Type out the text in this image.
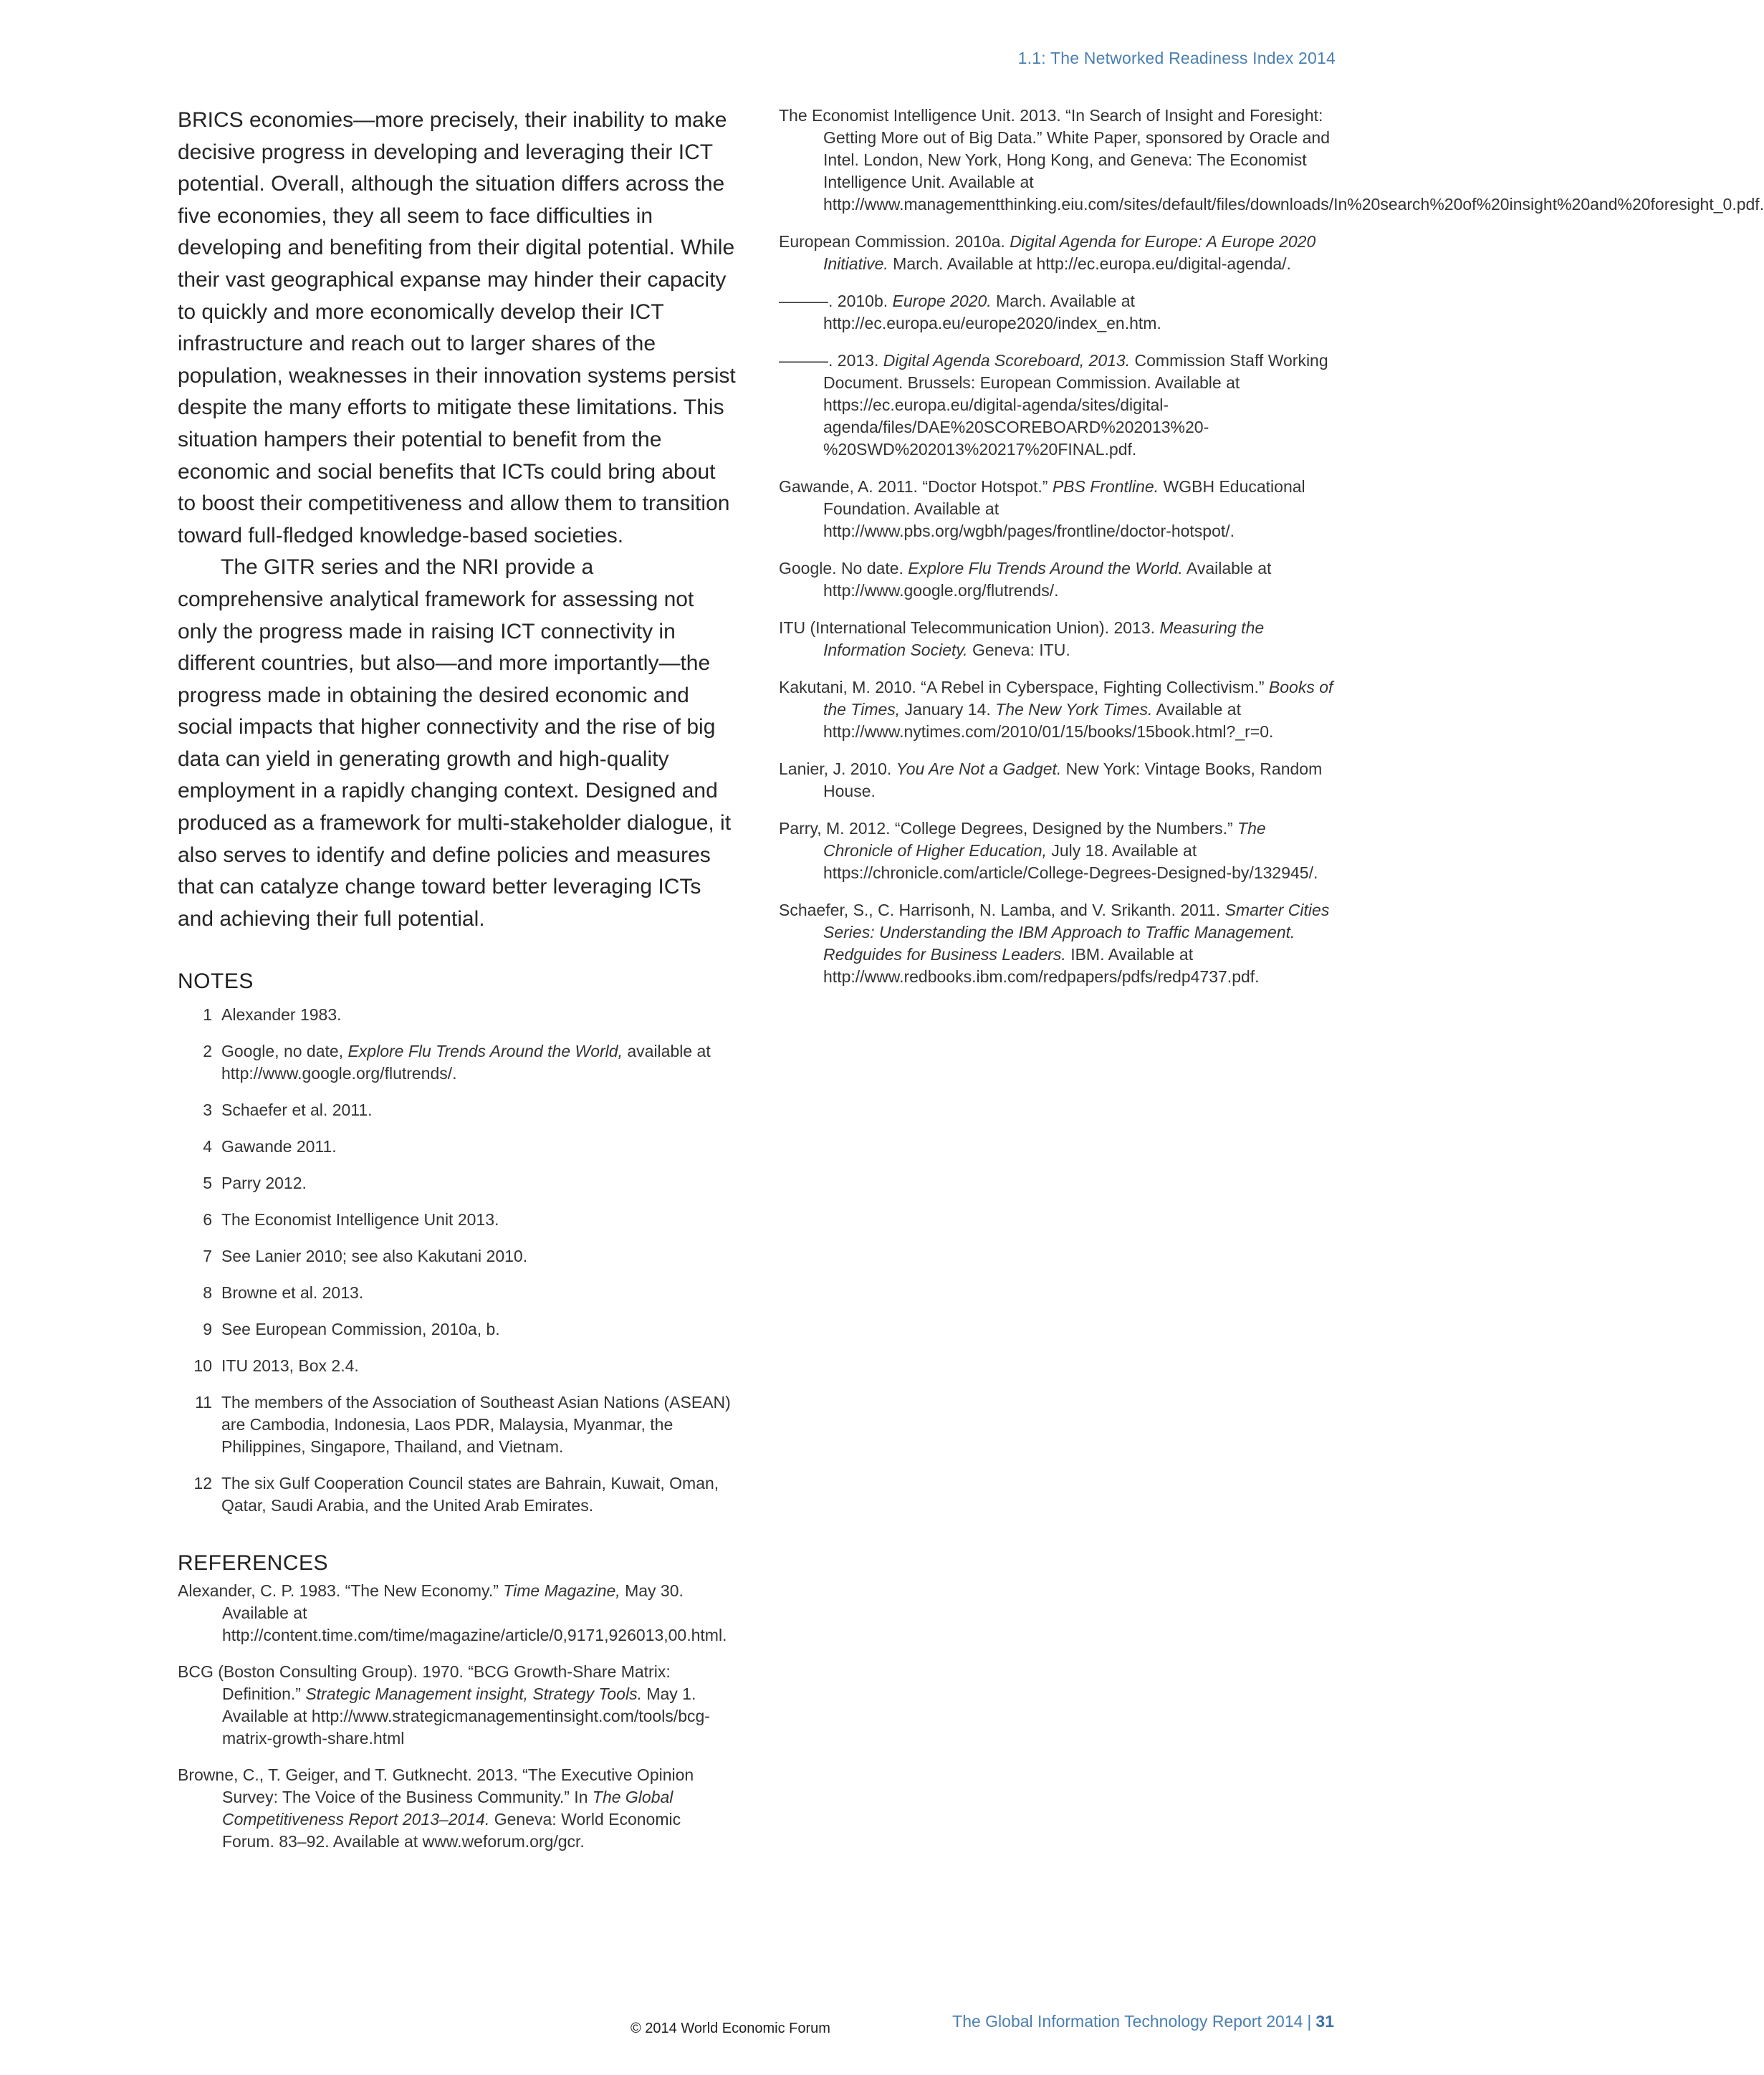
1.1: The Networked Readiness Index 2014

BRICS economies—more precisely, their inability to make decisive progress in developing and leveraging their ICT potential. Overall, although the situation differs across the five economies, they all seem to face difficulties in developing and benefiting from their digital potential. While their vast geographical expanse may hinder their capacity to quickly and more economically develop their ICT infrastructure and reach out to larger shares of the population, weaknesses in their innovation systems persist despite the many efforts to mitigate these limitations. This situation hampers their potential to benefit from the economic and social benefits that ICTs could bring about to boost their competitiveness and allow them to transition toward full-fledged knowledge-based societies.

The GITR series and the NRI provide a comprehensive analytical framework for assessing not only the progress made in raising ICT connectivity in different countries, but also—and more importantly—the progress made in obtaining the desired economic and social impacts that higher connectivity and the rise of big data can yield in generating growth and high-quality employment in a rapidly changing context. Designed and produced as a framework for multi-stakeholder dialogue, it also serves to identify and define policies and measures that can catalyze change toward better leveraging ICTs and achieving their full potential.

NOTES
1 Alexander 1983.
2 Google, no date, Explore Flu Trends Around the World, available at http://www.google.org/flutrends/.
3 Schaefer et al. 2011.
4 Gawande 2011.
5 Parry 2012.
6 The Economist Intelligence Unit 2013.
7 See Lanier 2010; see also Kakutani 2010.
8 Browne et al. 2013.
9 See European Commission, 2010a, b.
10 ITU 2013, Box 2.4.
11 The members of the Association of Southeast Asian Nations (ASEAN) are Cambodia, Indonesia, Laos PDR, Malaysia, Myanmar, the Philippines, Singapore, Thailand, and Vietnam.
12 The six Gulf Cooperation Council states are Bahrain, Kuwait, Oman, Qatar, Saudi Arabia, and the United Arab Emirates.
REFERENCES
Alexander, C. P. 1983. “The New Economy.” Time Magazine, May 30. Available at http://content.time.com/time/magazine/article/0,9171,926013,00.html.
BCG (Boston Consulting Group). 1970. “BCG Growth-Share Matrix: Definition.” Strategic Management insight, Strategy Tools. May 1. Available at http://www.strategicmanagementinsight.com/tools/bcg-matrix-growth-share.html
Browne, C., T. Geiger, and T. Gutknecht. 2013. “The Executive Opinion Survey: The Voice of the Business Community.” In The Global Competitiveness Report 2013–2014. Geneva: World Economic Forum. 83–92. Available at www.weforum.org/gcr.
The Economist Intelligence Unit. 2013. “In Search of Insight and Foresight: Getting More out of Big Data.” White Paper, sponsored by Oracle and Intel. London, New York, Hong Kong, and Geneva: The Economist Intelligence Unit. Available at http://www.managementthinking.eiu.com/sites/default/files/downloads/In%20search%20of%20insight%20and%20foresight_0.pdf.
European Commission. 2010a. Digital Agenda for Europe: A Europe 2020 Initiative. March. Available at http://ec.europa.eu/digital-agenda/.
———. 2010b. Europe 2020. March. Available at http://ec.europa.eu/europe2020/index_en.htm.
———. 2013. Digital Agenda Scoreboard, 2013. Commission Staff Working Document. Brussels: European Commission. Available at https://ec.europa.eu/digital-agenda/sites/digital-agenda/files/DAE%20SCOREBOARD%202013%20-%20SWD%202013%20217%20FINAL.pdf.
Gawande, A. 2011. “Doctor Hotspot.” PBS Frontline. WGBH Educational Foundation. Available at http://www.pbs.org/wgbh/pages/frontline/doctor-hotspot/.
Google. No date. Explore Flu Trends Around the World. Available at http://www.google.org/flutrends/.
ITU (International Telecommunication Union). 2013. Measuring the Information Society. Geneva: ITU.
Kakutani, M. 2010. “A Rebel in Cyberspace, Fighting Collectivism.” Books of the Times, January 14. The New York Times. Available at http://www.nytimes.com/2010/01/15/books/15book.html?_r=0.
Lanier, J. 2010. You Are Not a Gadget. New York: Vintage Books, Random House.
Parry, M. 2012. “College Degrees, Designed by the Numbers.” The Chronicle of Higher Education, July 18. Available at https://chronicle.com/article/College-Degrees-Designed-by/132945/.
Schaefer, S., C. Harrisonh, N. Lamba, and V. Srikanth. 2011. Smarter Cities Series: Understanding the IBM Approach to Traffic Management. Redguides for Business Leaders. IBM. Available at http://www.redbooks.ibm.com/redpapers/pdfs/redp4737.pdf.
© 2014 World Economic Forum	The Global Information Technology Report 2014 | 31
